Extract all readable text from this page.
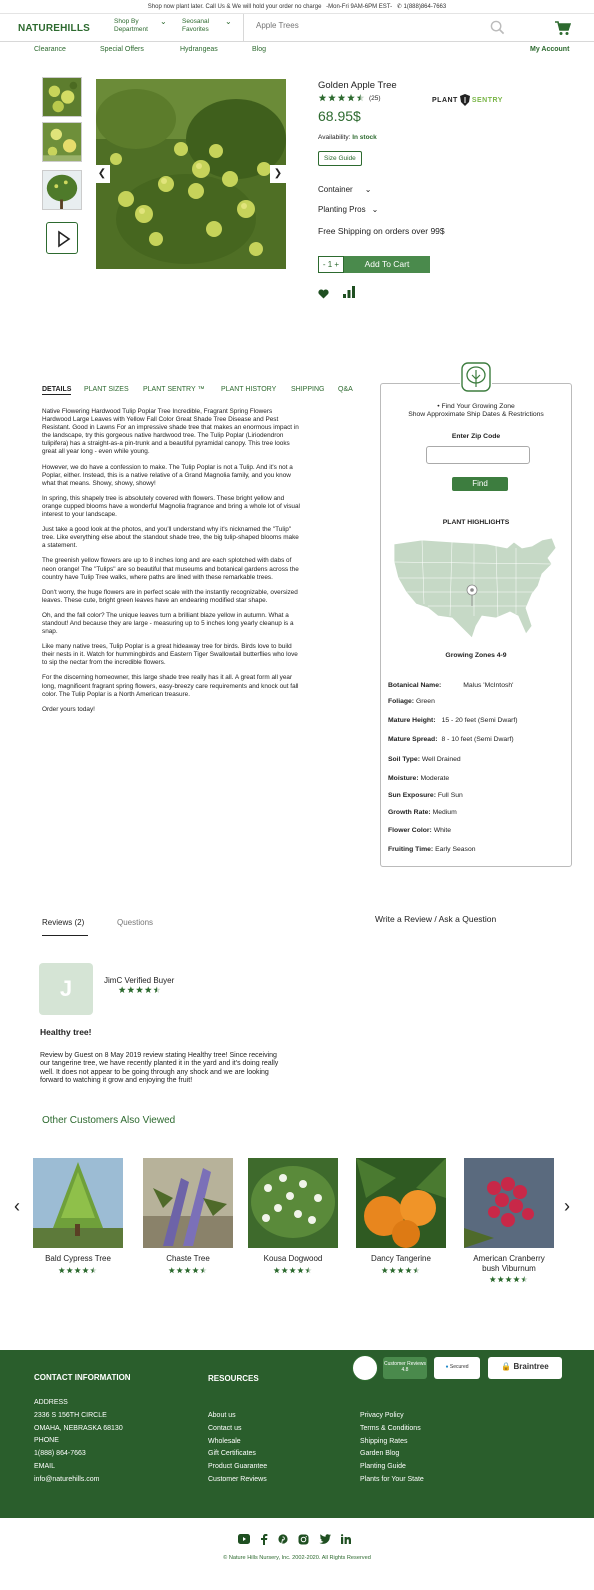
Shop now plant later. Call Us & We will hold your order no charge -Mon-Fri 9AM-6PM EST- ✆ 1(888)864-7663
NATUREHILLS
Shop By
Department
⌄ Seosanal
Favorites
⌄
Apple Trees
Clearance	Special Offers	Hydrangeas	Blog	My Account
❮	❯
Golden Apple Tree
(25)
68.95$
Availability: In stock
Size Guide
PLANT SENTRY
Container ⌄
Planting Pros ⌄
Free Shipping on orders over 99$
- 1 +	Add To Cart
DETAILS PLANT SIZES PLANT SENTRY ™ PLANT HISTORY SHIPPING Q&A

Native Flowering Hardwood Tulip Poplar Tree Incredible, Fragrant Spring Flowers Hardwood Large Leaves with Yellow Fall Color Great Shade Tree Disease and Pest Resistant. Good in Lawns For an impressive shade tree that makes an enormous impact in the landscape, try this gorgeous native hardwood tree. The Tulip Poplar (Liriodendron tulipifera) has a straight-as-a pin-trunk and a beautiful pyramidal canopy. This tree looks great all year long - even while young.

However, we do have a confession to make. The Tulip Poplar is not a Tulip. And it's not a Poplar, either. Instead, this is a native relative of a Grand Magnolia family, and you know what that means. Showy, showy, showy!

In spring, this shapely tree is absolutely covered with flowers. These bright yellow and orange cupped blooms have a wonderful Magnolia fragrance and bring a whole lot of visual interest to your landscape.

Just take a good look at the photos, and you'll understand why it's nicknamed the "Tulip" tree. Like everything else about the standout shade tree, the big tulip-shaped blooms make a statement.

The greenish yellow flowers are up to 8 inches long and are each splotched with dabs of neon orange! The "Tulips" are so beautiful that museums and botanical gardens across the country have Tulip Tree walks, where paths are lined with these remarkable trees.

Don't worry, the huge flowers are in perfect scale with the instantly recognizable, oversized leaves. These cute, bright green leaves have an endearing modified star shape.

Oh, and the fall color? The unique leaves turn a brilliant blaze yellow in autumn. What a standout! And because they are large - measuring up to 5 inches long yearly cleanup is a snap.

Like many native trees, Tulip Poplar is a great hideaway tree for birds. Birds love to build their nests in it. Watch for hummingbirds and Eastern Tiger Swallowtail butterflies who love to sip the nectar from the incredible flowers.

For the discerning homeowner, this large shade tree really has it all. A great form all year long, magnificent fragrant spring flowers, easy-breezy care requirements and knock out fall color. The Tulip Poplar is a North American treasure.

Order yours today!

• Find Your Growing Zone
Show Approximate Ship Dates & Restrictions
Enter Zip Code
Find
PLANT HIGHLIGHTS
Growing Zones 4-9
Botanical Name:	Malus 'McIntosh'
Foliage: Green
Mature Height: 15 - 20 feet (Semi Dwarf)
Mature Spread: 8 - 10 feet (Semi Dwarf)
Soil Type: Well Drained
Moisture: Moderate
Sun Exposure: Full Sun
Growth Rate: Medium
Flower Color: White
Fruiting Time: Early Season
Reviews (2)	Questions	Write a Review / Ask a Question
J	JimC Verified Buyer
Healthy tree!
Review by Guest on 8 May 2019 review stating Healthy tree! Since receiving our tangerine tree, we have recently planted it in the yard and it's doing really well. It does not appear to be going through any shock and we are looking forward to watching it grow and enjoying the fruit!
Other Customers Also Viewed
‹	›
Bald Cypress Tree	Chaste Tree	Kousa Dogwood	Dancy Tangerine	American Cranberry bush Viburnum
Customer Reviews 4.8	● Secured	🔒 Braintree
CONTACT INFORMATION
ADDRESS
2336 S 156TH CIRCLE
OMAHA, NEBRASKA 68130
PHONE
1(888) 864-7663
EMAIL
info@naturehills.com
RESOURCES
About us
Contact us
Wholesale
Gift Certificates
Product Guarantee
Customer Reviews
Privacy Policy
Terms & Conditions
Shipping Rates
Garden Blog
Planting Guide
Plants for Your State
© Nature Hills Nursery, Inc. 2002-2020. All Rights Reserved
